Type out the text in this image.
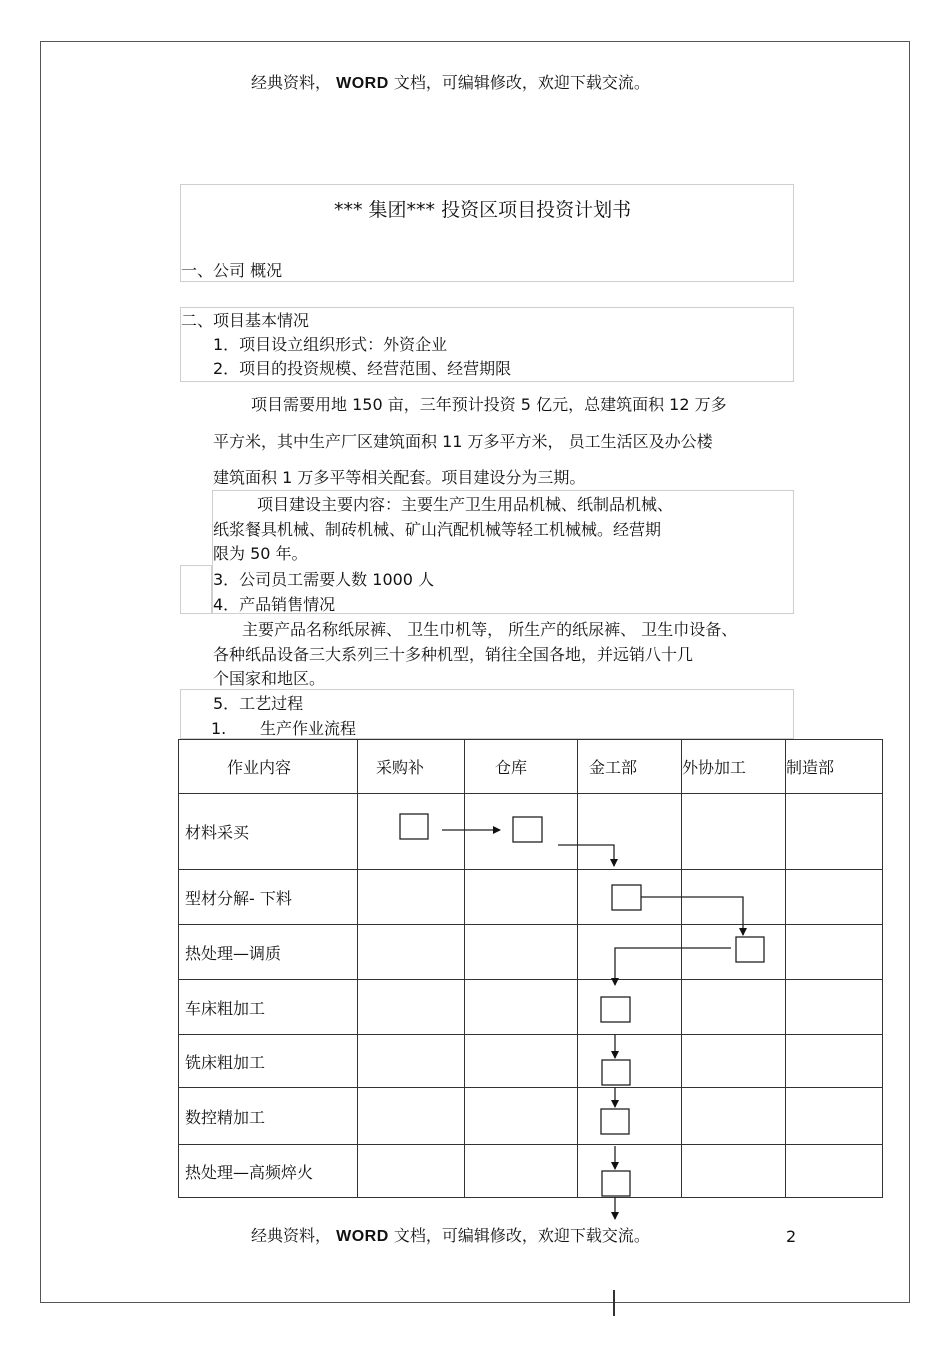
经典资料， WORD 文档，可编辑修改，欢迎下载交流。
*** 集团*** 投资区项目投资计划书
一、公司 概况
二、项目基本情况
1．项目设立组织形式：外资企业
2．项目的投资规模、经营范围、经营期限
项目需要用地 150 亩，三年预计投资 5 亿元，总建筑面积 12 万多
平方米，其中生产厂区建筑面积 11 万多平方米， 员工生活区及办公楼
建筑面积 1 万多平等相关配套。项目建设分为三期。
项目建设主要内容：主要生产卫生用品机械、纸制品机械、
纸浆餐具机械、制砖机械、矿山汽配机械等轻工机械械。经营期
限为 50 年。
3．公司员工需要人数 1000 人
4．产品销售情况
主要产品名称纸尿裤、 卫生巾机等， 所生产的纸尿裤、 卫生巾设备、
各种纸品设备三大系列三十多种机型，销往全国各地，并远销八十几
个国家和地区。
5．工艺过程
1. 生产作业流程
作业内容	采购补	仓库	金工部	外协加工	制造部
材料采买					
型材分解- 下料					
热处理—调质					
车床粗加工					
铣床粗加工					
数控精加工					
热处理—高频焠火					
经典资料， WORD 文档，可编辑修改，欢迎下载交流。	2
